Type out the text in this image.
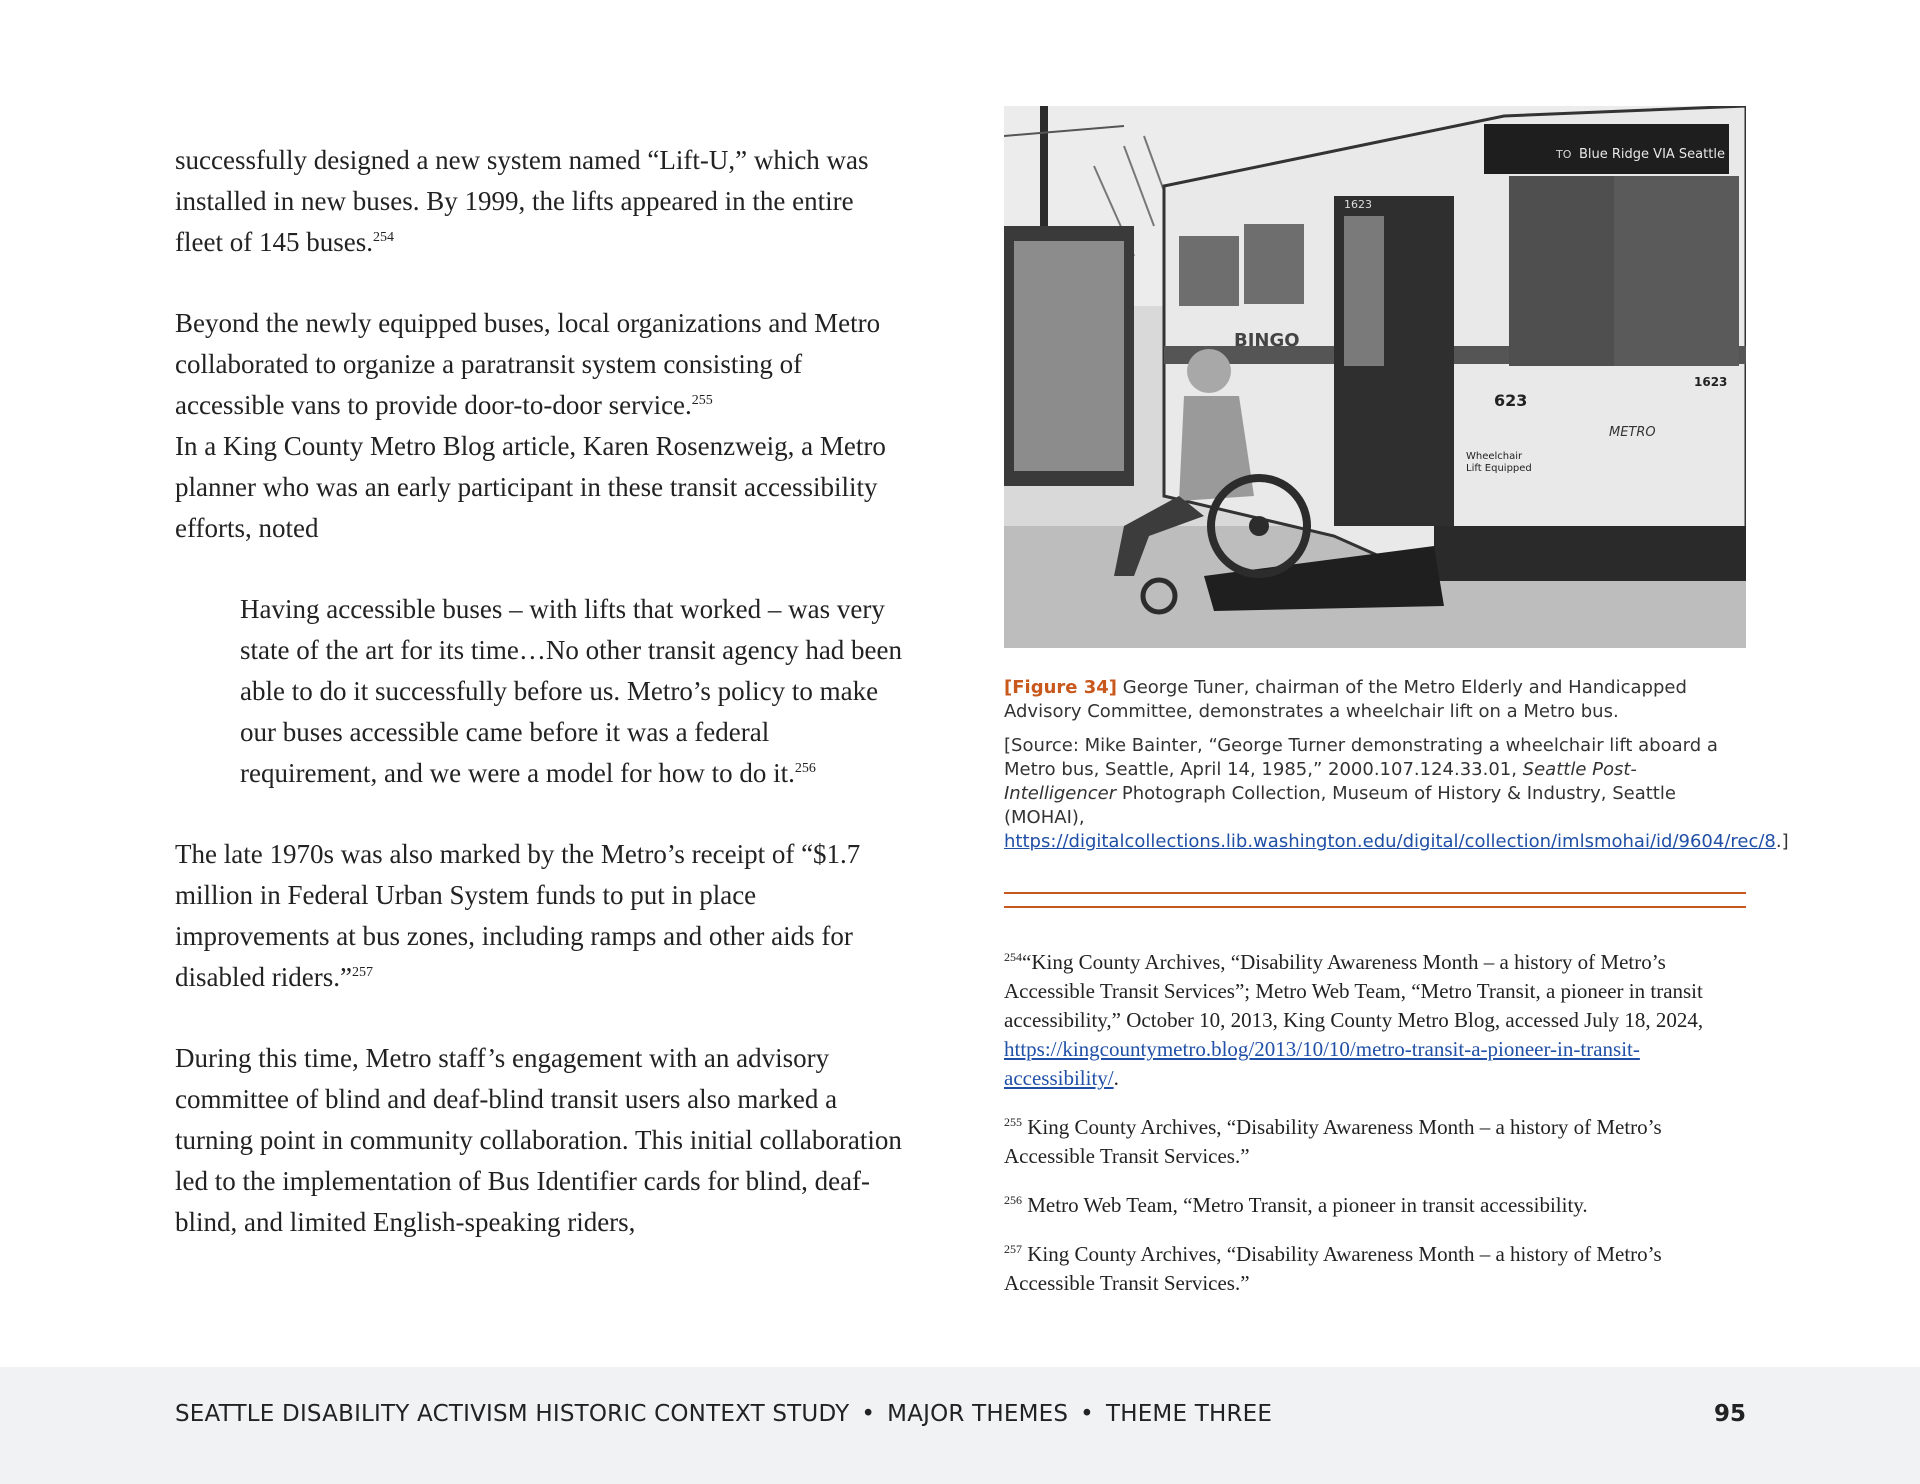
successfully designed a new system named “Lift-U,” which was installed in new buses. By 1999, the lifts appeared in the entire fleet of 145 buses.$^{254}$

Beyond the newly equipped buses, local organizations and Metro collaborated to organize a paratransit system consisting of accessible vans to provide door-to-door service.$^{255}$

In a King County Metro Blog article, Karen Rosenzweig, a Metro planner who was an early participant in these transit accessibility efforts, noted

Having accessible buses – with lifts that worked – was very state of the art for its time…No other transit agency had been able to do it successfully before us. Metro’s policy to make our buses accessible came before it was a federal requirement, and we were a model for how to do it.$^{256}$

The late 1970s was also marked by the Metro’s receipt of “$1.7 million in Federal Urban System funds to put in place improvements at bus zones, including ramps and other aids for disabled riders.”$^{257}$

During this time, Metro staff’s engagement with an advisory committee of blind and deaf-blind transit users also marked a turning point in community collaboration. This initial collaboration led to the implementation of Bus Identifier cards for blind, deaf-blind, and limited English-speaking riders,

TO Blue Ridge VIA Seattle
1623
623
1623
METRO
BINGO
Wheelchair
Lift Equipped
[Figure 34] George Tuner, chairman of the Metro Elderly and Handicapped Advisory Committee, demonstrates a wheelchair lift on a Metro bus.
[Source: Mike Bainter, “George Turner demonstrating a wheelchair lift aboard a Metro bus, Seattle, April 14, 1985,” 2000.107.124.33.01, Seattle Post-Intelligencer Photograph Collection, Museum of History & Industry, Seattle (MOHAI), https://digitalcollections.lib.washington.edu/digital/collection/imlsmohai/id/9604/rec/8.]

$^{254}$“King County Archives, “Disability Awareness Month – a history of Metro’s Accessible Transit Services”; Metro Web Team, “Metro Transit, a pioneer in transit accessibility,” October 10, 2013, King County Metro Blog, accessed July 18, 2024, https://kingcountymetro.blog/2013/10/10/metro-transit-a-pioneer-in-transit-accessibility/.

$^{255}$ King County Archives, “Disability Awareness Month – a history of Metro’s Accessible Transit Services.”

$^{256}$ Metro Web Team, “Metro Transit, a pioneer in transit accessibility.

$^{257}$ King County Archives, “Disability Awareness Month – a history of Metro’s Accessible Transit Services.”

SEATTLE DISABILITY ACTIVISM HISTORIC CONTEXT STUDY • MAJOR THEMES • THEME THREE	95
